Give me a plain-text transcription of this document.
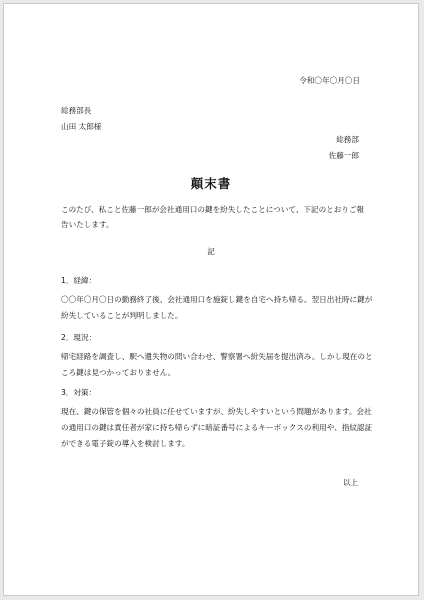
令和〇年〇月〇日
総務部長
山田 太郎様
総務部
佐藤一郎
顛末書
このたび、私こと佐藤一郎が会社通用口の鍵を紛失したことについて、下記のとおりご報告いたします。
記
1．経緯：
〇〇年〇月〇日の勤務終了後、会社通用口を施錠し鍵を自宅へ持ち帰る。翌日出社時に鍵が紛失していることが判明しました。
2．現況：
帰宅経路を調査し、駅へ遺失物の問い合わせ、警察署へ紛失届を提出済み。しかし現在のところ鍵は見つかっておりません。
3．対策：
現在、鍵の保管を個々の社員に任せていますが、紛失しやすいという問題があります。会社の通用口の鍵は責任者が家に持ち帰らずに暗証番号によるキーボックスの利用や、指紋認証ができる電子錠の導入を検討します。
以上
